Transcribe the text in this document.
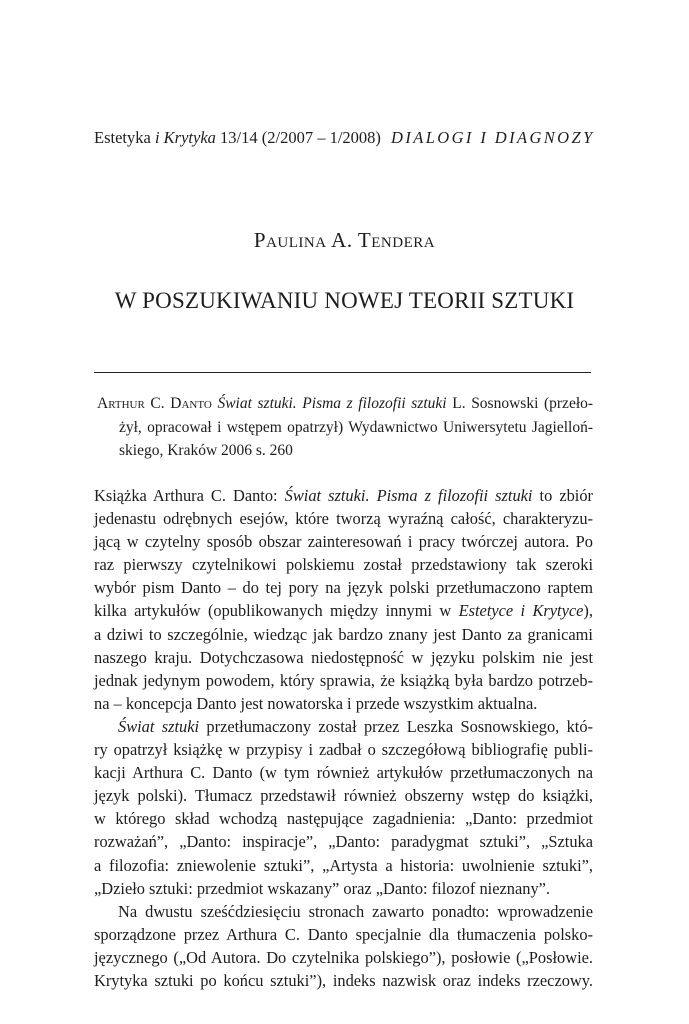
Estetyka i Krytyka 13/14 (2/2007 – 1/2008) DIALOGI I DIAGNOZY
Paulina A. Tendera
W POSZUKIWANIU NOWEJ TEORII SZTUKI
Arthur C. Danto Świat sztuki. Pisma z filozofii sztuki L. Sosnowski (przeło-
żył, opracował i wstępem opatrzył) Wydawnictwo Uniwersytetu Jagielloń-
skiego, Kraków 2006 s. 260
Książka Arthura C. Danto: Świat sztuki. Pisma z filozofii sztuki to zbiór
jedenastu odrębnych esejów, które tworzą wyraźną całość, charakteryzu-
jącą w czytelny sposób obszar zainteresowań i pracy twórczej autora. Po
raz pierwszy czytelnikowi polskiemu został przedstawiony tak szeroki
wybór pism Danto – do tej pory na język polski przetłumaczono raptem
kilka artykułów (opublikowanych między innymi w Estetyce i Krytyce),
a dziwi to szczególnie, wiedząc jak bardzo znany jest Danto za granicami
naszego kraju. Dotychczasowa niedostępność w języku polskim nie jest
jednak jedynym powodem, który sprawia, że książką była bardzo potrzeb-
na – koncepcja Danto jest nowatorska i przede wszystkim aktualna.
Świat sztuki przetłumaczony został przez Leszka Sosnowskiego, któ-
ry opatrzył książkę w przypisy i zadbał o szczegółową bibliografię publi-
kacji Arthura C. Danto (w tym również artykułów przetłumaczonych na
język polski). Tłumacz przedstawił również obszerny wstęp do książki,
w którego skład wchodzą następujące zagadnienia: „Danto: przedmiot
rozważań”, „Danto: inspiracje”, „Danto: paradygmat sztuki”, „Sztuka
a filozofia: zniewolenie sztuki”, „Artysta a historia: uwolnienie sztuki”,
„Dzieło sztuki: przedmiot wskazany” oraz „Danto: filozof nieznany”.
Na dwustu sześćdziesięciu stronach zawarto ponadto: wprowadzenie
sporządzone przez Arthura C. Danto specjalnie dla tłumaczenia polsko-
języcznego („Od Autora. Do czytelnika polskiego”), posłowie („Posłowie.
Krytyka sztuki po końcu sztuki”), indeks nazwisk oraz indeks rzeczowy.
